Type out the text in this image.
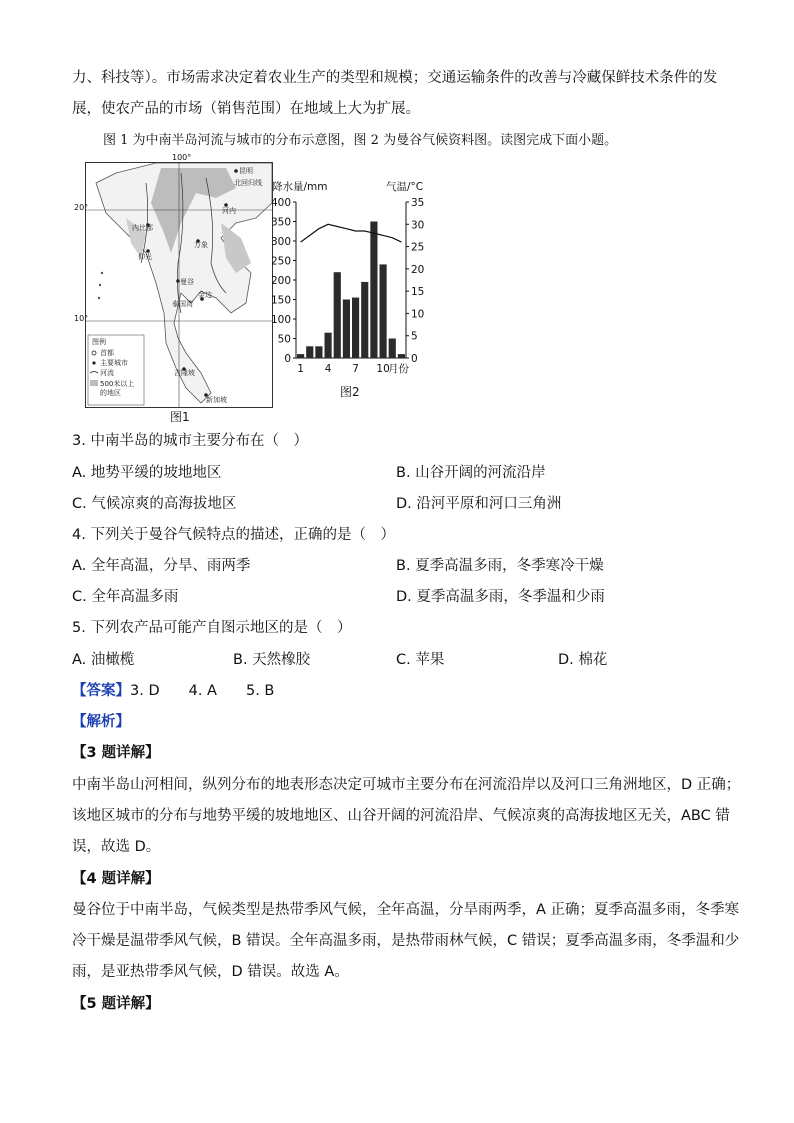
力、科技等）。市场需求决定着农业生产的类型和规模；交通运输条件的改善与冷藏保鲜技术条件的发
展，使农产品的市场（销售范围）在地域上大为扩展。
图 1 为中南半岛河流与城市的分布示意图，图 2 为曼谷气候资料图。读图完成下面小题。
昆明
北回归线
河内
内比都
万象
仰光
曼谷
金边
泰国湾
吉隆坡
新加坡
图例
首都
主要城市
河流
500米以上
的地区
20°
10°
100°
图1
降水量/mm	气温/°C
0
50
100
150
200
250
300
350
400
0
5
10
15
20
25
30
35
1 4 7 10
月份
图2
3. 中南半岛的城市主要分布在（　）
A. 地势平缓的坡地地区	B. 山谷开阔的河流沿岸
C. 气候凉爽的高海拔地区	D. 沿河平原和河口三角洲
4. 下列关于曼谷气候特点的描述，正确的是（　）
A. 全年高温，分旱、雨两季	B. 夏季高温多雨，冬季寒冷干燥
C. 全年高温多雨	D. 夏季高温多雨，冬季温和少雨
5. 下列农产品可能产自图示地区的是（　）
A. 油橄榄	B. 天然橡胶	C. 苹果	D. 棉花
【答案】3. D　　4. A　　5. B
【解析】
【3 题详解】
中南半岛山河相间，纵列分布的地表形态决定可城市主要分布在河流沿岸以及河口三角洲地区，D 正确；
该地区城市的分布与地势平缓的坡地地区、山谷开阔的河流沿岸、气候凉爽的高海拔地区无关，ABC 错
误，故选 D。
【4 题详解】
曼谷位于中南半岛，气候类型是热带季风气候，全年高温，分旱雨两季，A 正确；夏季高温多雨，冬季寒
冷干燥是温带季风气候，B 错误。全年高温多雨，是热带雨林气候，C 错误；夏季高温多雨，冬季温和少
雨，是亚热带季风气候，D 错误。故选 A。
【5 题详解】
